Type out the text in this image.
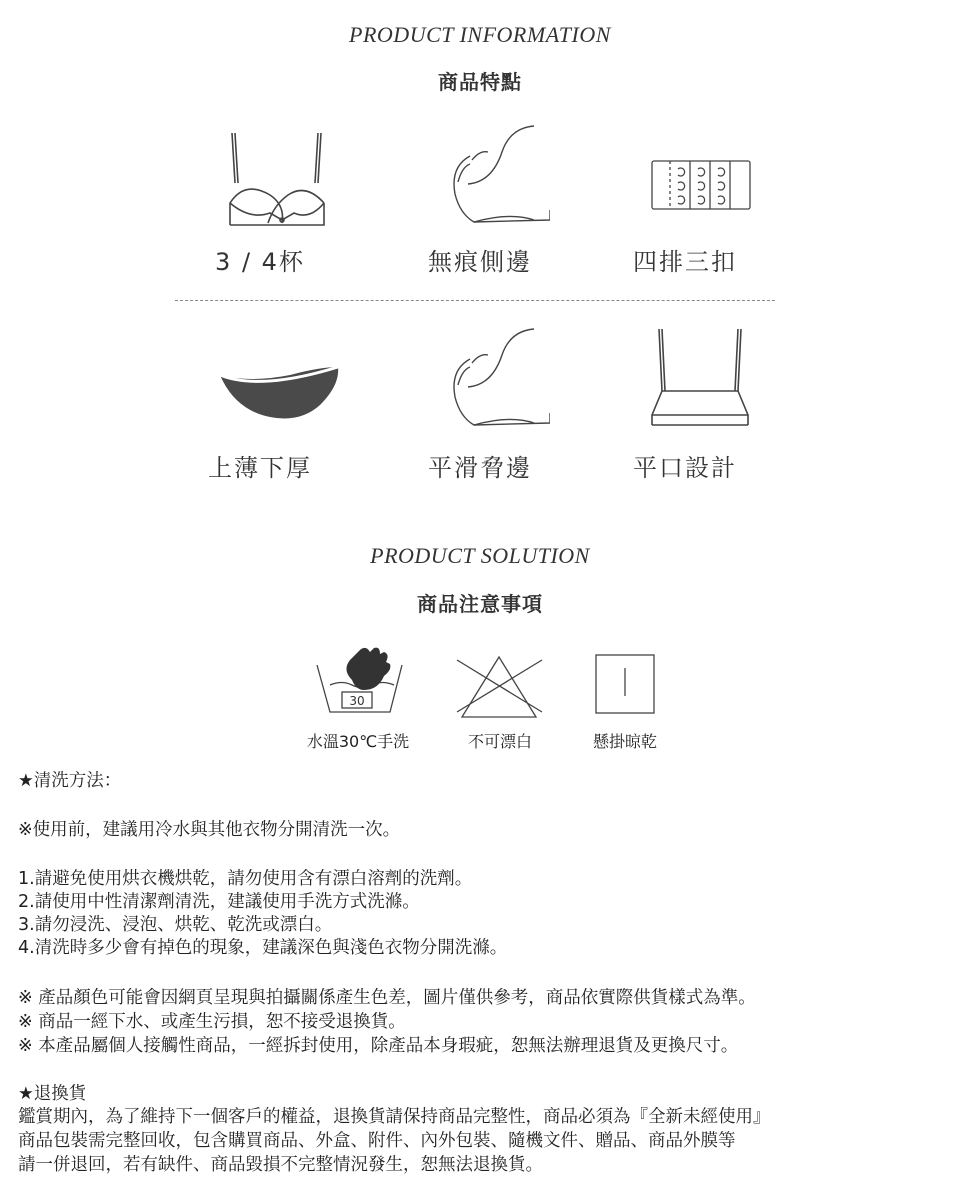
PRODUCT INFORMATION
商品特點
3 / 4杯	無痕側邊	四排三扣
上薄下厚	平滑脅邊	平口設計
PRODUCT SOLUTION
商品注意事項
30
水溫30℃手洗	不可漂白	懸掛晾乾
★清洗方法：
※使用前，建議用冷水與其他衣物分開清洗一次。
1.請避免使用烘衣機烘乾，請勿使用含有漂白溶劑的洗劑。
2.請使用中性清潔劑清洗，建議使用手洗方式洗滌。
3.請勿浸洗、浸泡、烘乾、乾洗或漂白。
4.清洗時多少會有掉色的現象，建議深色與淺色衣物分開洗滌。
※ 產品顏色可能會因網頁呈現與拍攝關係產生色差，圖片僅供參考，商品依實際供貨樣式為準。
※ 商品一經下水、或產生污損，恕不接受退換貨。
※ 本產品屬個人接觸性商品，一經拆封使用，除產品本身瑕疵，恕無法辦理退貨及更換尺寸。
★退換貨
鑑賞期內，為了維持下一個客戶的權益，退換貨請保持商品完整性，商品必須為『全新未經使用』
商品包裝需完整回收，包含購買商品、外盒、附件、內外包裝、隨機文件、贈品、商品外膜等
請一併退回，若有缺件、商品毀損不完整情況發生，恕無法退換貨。
